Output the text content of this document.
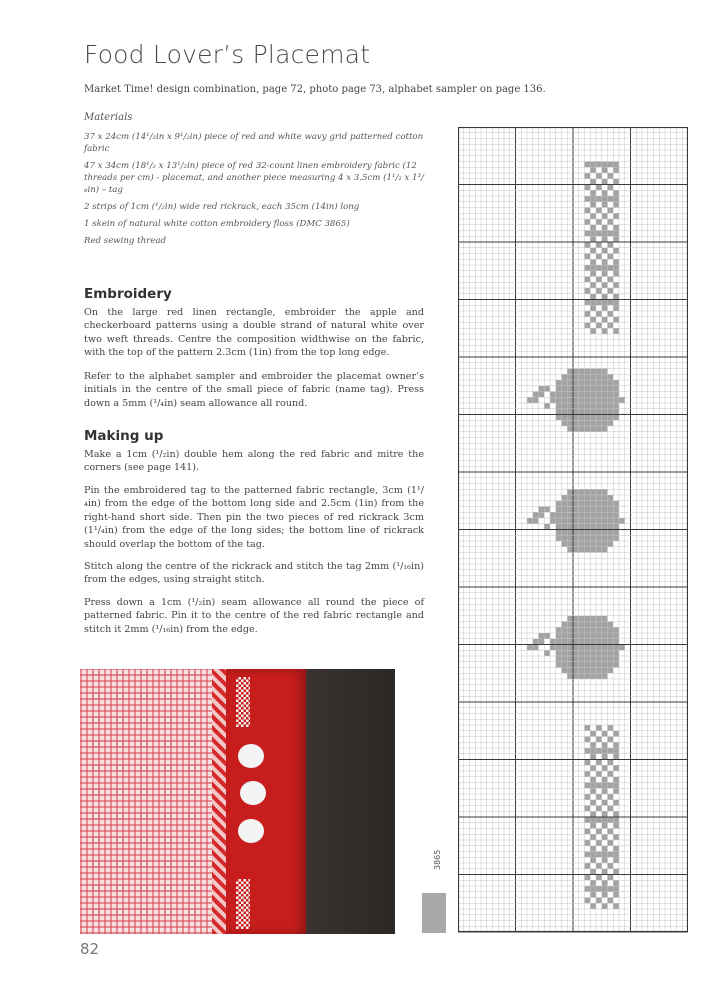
Food Lover’s Placemat
Market Time! design combination, page 72, photo page 73, alphabet sampler on page 136.
Materials
37 x 24cm (14¹/₂in x 9¹/₂in) piece of red and white wavy grid patterned cotton fabric
47 x 34cm (18¹/₂ x 13¹/₂in) piece of red 32-count linen embroidery fabric (12 threads per cm) - placemat, and another piece measuring 4 x 3.5cm (1¹/₂ x 1³/₈in) – tag
2 strips of 1cm (¹/₂in) wide red rickrack, each 35cm (14in) long
1 skein of natural white cotton embroidery floss (DMC 3865)
Red sewing thread
Embroidery
On the large red linen rectangle, embroider the apple and checkerboard patterns using a double strand of natural white over two weft threads. Centre the composition widthwise on the fabric, with the top of the pattern 2.3cm (1in) from the top long edge.
Refer to the alphabet sampler and embroider the placemat owner’s initials in the centre of the small piece of fabric (name tag). Press down a 5mm (¹/₄in) seam allowance all round.
Making up
Make a 1cm (¹/₂in) double hem along the red fabric and mitre the corners (see page 141).
Pin the embroidered tag to the patterned fabric rectangle, 3cm (1¹/₄in) from the edge of the bottom long side and 2.5cm (1in) from the right-hand short side. Then pin the two pieces of red rickrack 3cm (1¹/₄in) from the edge of the long sides; the bottom line of rickrack should overlap the bottom of the tag.
Stitch along the centre of the rickrack and stitch the tag 2mm (¹/₁₆in) from the edges, using straight stitch.
Press down a 1cm (¹/₂in) seam allowance all round the piece of patterned fabric. Pin it to the centre of the red fabric rectangle and stitch it 2mm (¹/₁₆in) from the edge.
82
3865
